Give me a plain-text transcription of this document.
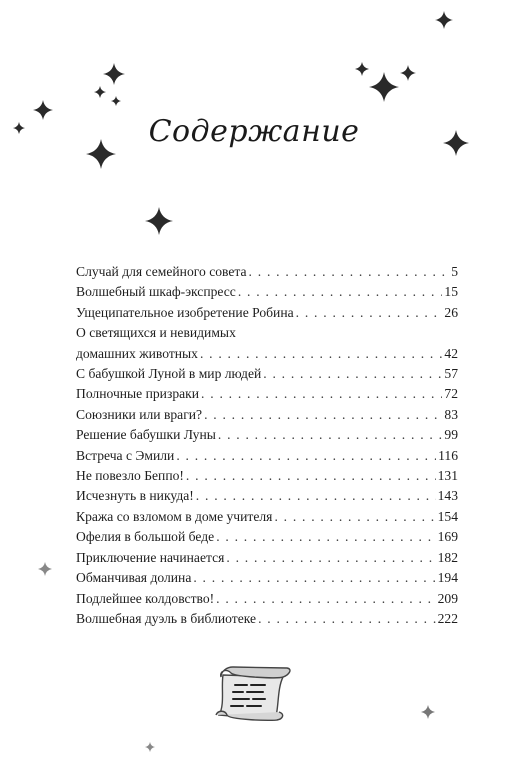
Содержание
Случай для семейного совета . . .	5
Волшебный шкаф-экспресс . . .	15
Ущеципательное изобретение Робина . . .	26
О светящихся и невидимых
домашних животных . . .	42
С бабушкой Луной в мир людей . . .	57
Полночные призраки . . .	72
Союзники или враги? . . .	83
Решение бабушки Луны . . .	99
Встреча с Эмили . . .	116
Не повезло Беппо! . . .	131
Исчезнуть в никуда! . . .	143
Кража со взломом в доме учителя . . .	154
Офелия в большой беде . . .	169
Приключение начинается . . .	182
Обманчивая долина . . .	194
Подлейшее колдовство! . . .	209
Волшебная дуэль в библиотеке . . .	222
